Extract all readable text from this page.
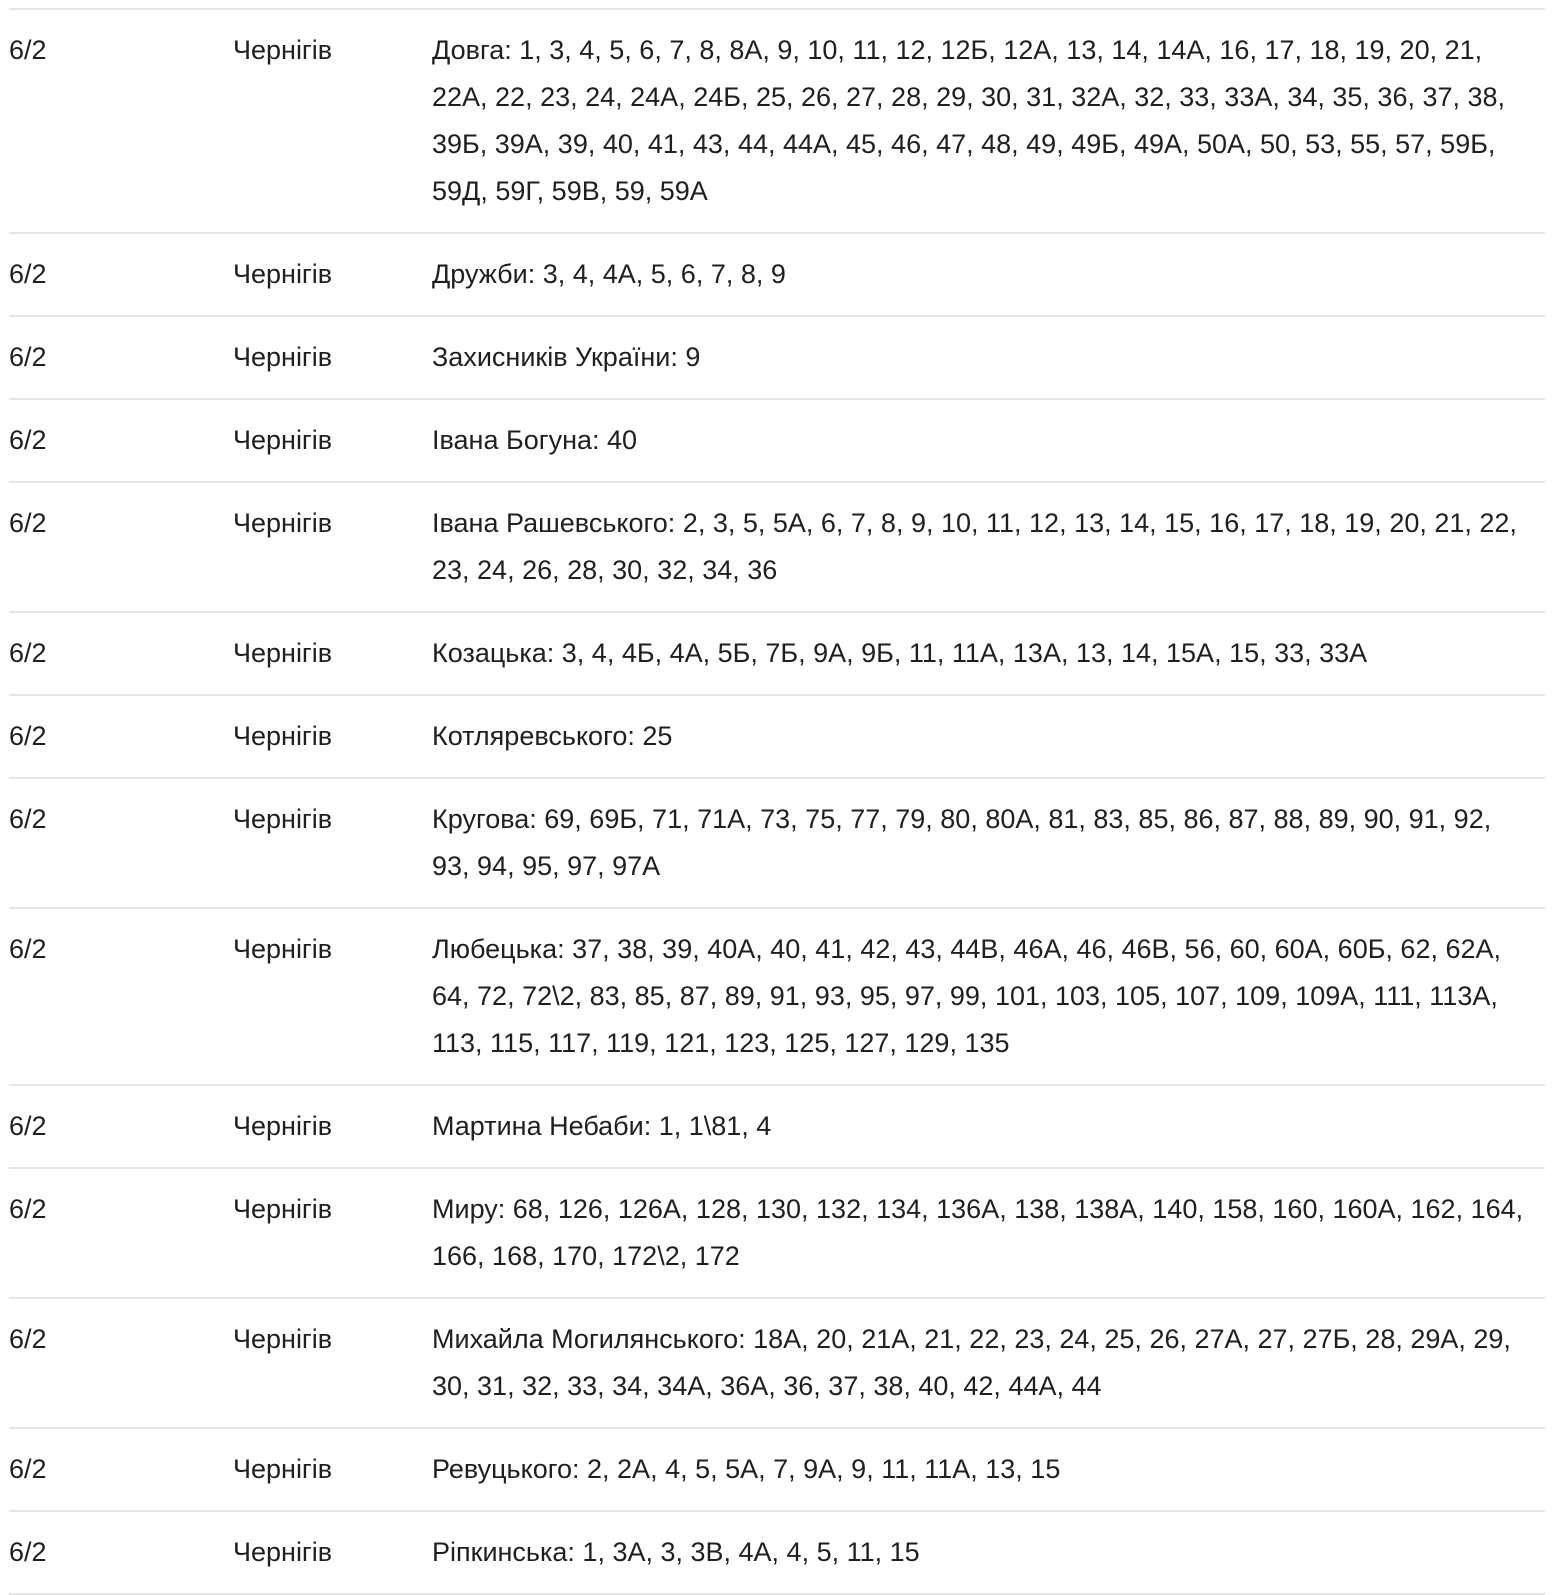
6/2	Чернігів	Довга: 1, 3, 4, 5, 6, 7, 8, 8А, 9, 10, 11, 12, 12Б, 12А, 13, 14, 14А, 16, 17, 18, 19, 20, 21, 22А, 22, 23, 24, 24А, 24Б, 25, 26, 27, 28, 29, 30, 31, 32А, 32, 33, 33А, 34, 35, 36, 37, 38, 39Б, 39А, 39, 40, 41, 43, 44, 44А, 45, 46, 47, 48, 49, 49Б, 49А, 50А, 50, 53, 55, 57, 59Б, 59Д, 59Г, 59В, 59, 59А
6/2	Чернігів	Дружби: 3, 4, 4А, 5, 6, 7, 8, 9
6/2	Чернігів	Захисників України: 9
6/2	Чернігів	Івана Богуна: 40
6/2	Чернігів	Івана Рашевського: 2, 3, 5, 5А, 6, 7, 8, 9, 10, 11, 12, 13, 14, 15, 16, 17, 18, 19, 20, 21, 22, 23, 24, 26, 28, 30, 32, 34, 36
6/2	Чернігів	Козацька: 3, 4, 4Б, 4А, 5Б, 7Б, 9А, 9Б, 11, 11А, 13А, 13, 14, 15А, 15, 33, 33А
6/2	Чернігів	Котляревського: 25
6/2	Чернігів	Кругова: 69, 69Б, 71, 71А, 73, 75, 77, 79, 80, 80А, 81, 83, 85, 86, 87, 88, 89, 90, 91, 92, 93, 94, 95, 97, 97А
6/2	Чернігів	Любецька: 37, 38, 39, 40А, 40, 41, 42, 43, 44В, 46А, 46, 46В, 56, 60, 60А, 60Б, 62, 62А, 64, 72, 72\2, 83, 85, 87, 89, 91, 93, 95, 97, 99, 101, 103, 105, 107, 109, 109А, 111, 113А, 113, 115, 117, 119, 121, 123, 125, 127, 129, 135
6/2	Чернігів	Мартина Небаби: 1, 1\81, 4
6/2	Чернігів	Миру: 68, 126, 126А, 128, 130, 132, 134, 136А, 138, 138А, 140, 158, 160, 160А, 162, 164, 166, 168, 170, 172\2, 172
6/2	Чернігів	Михайла Могилянського: 18А, 20, 21А, 21, 22, 23, 24, 25, 26, 27А, 27, 27Б, 28, 29А, 29, 30, 31, 32, 33, 34, 34А, 36А, 36, 37, 38, 40, 42, 44А, 44
6/2	Чернігів	Ревуцького: 2, 2А, 4, 5, 5А, 7, 9А, 9, 11, 11А, 13, 15
6/2	Чернігів	Ріпкинська: 1, 3А, 3, 3В, 4А, 4, 5, 11, 15
